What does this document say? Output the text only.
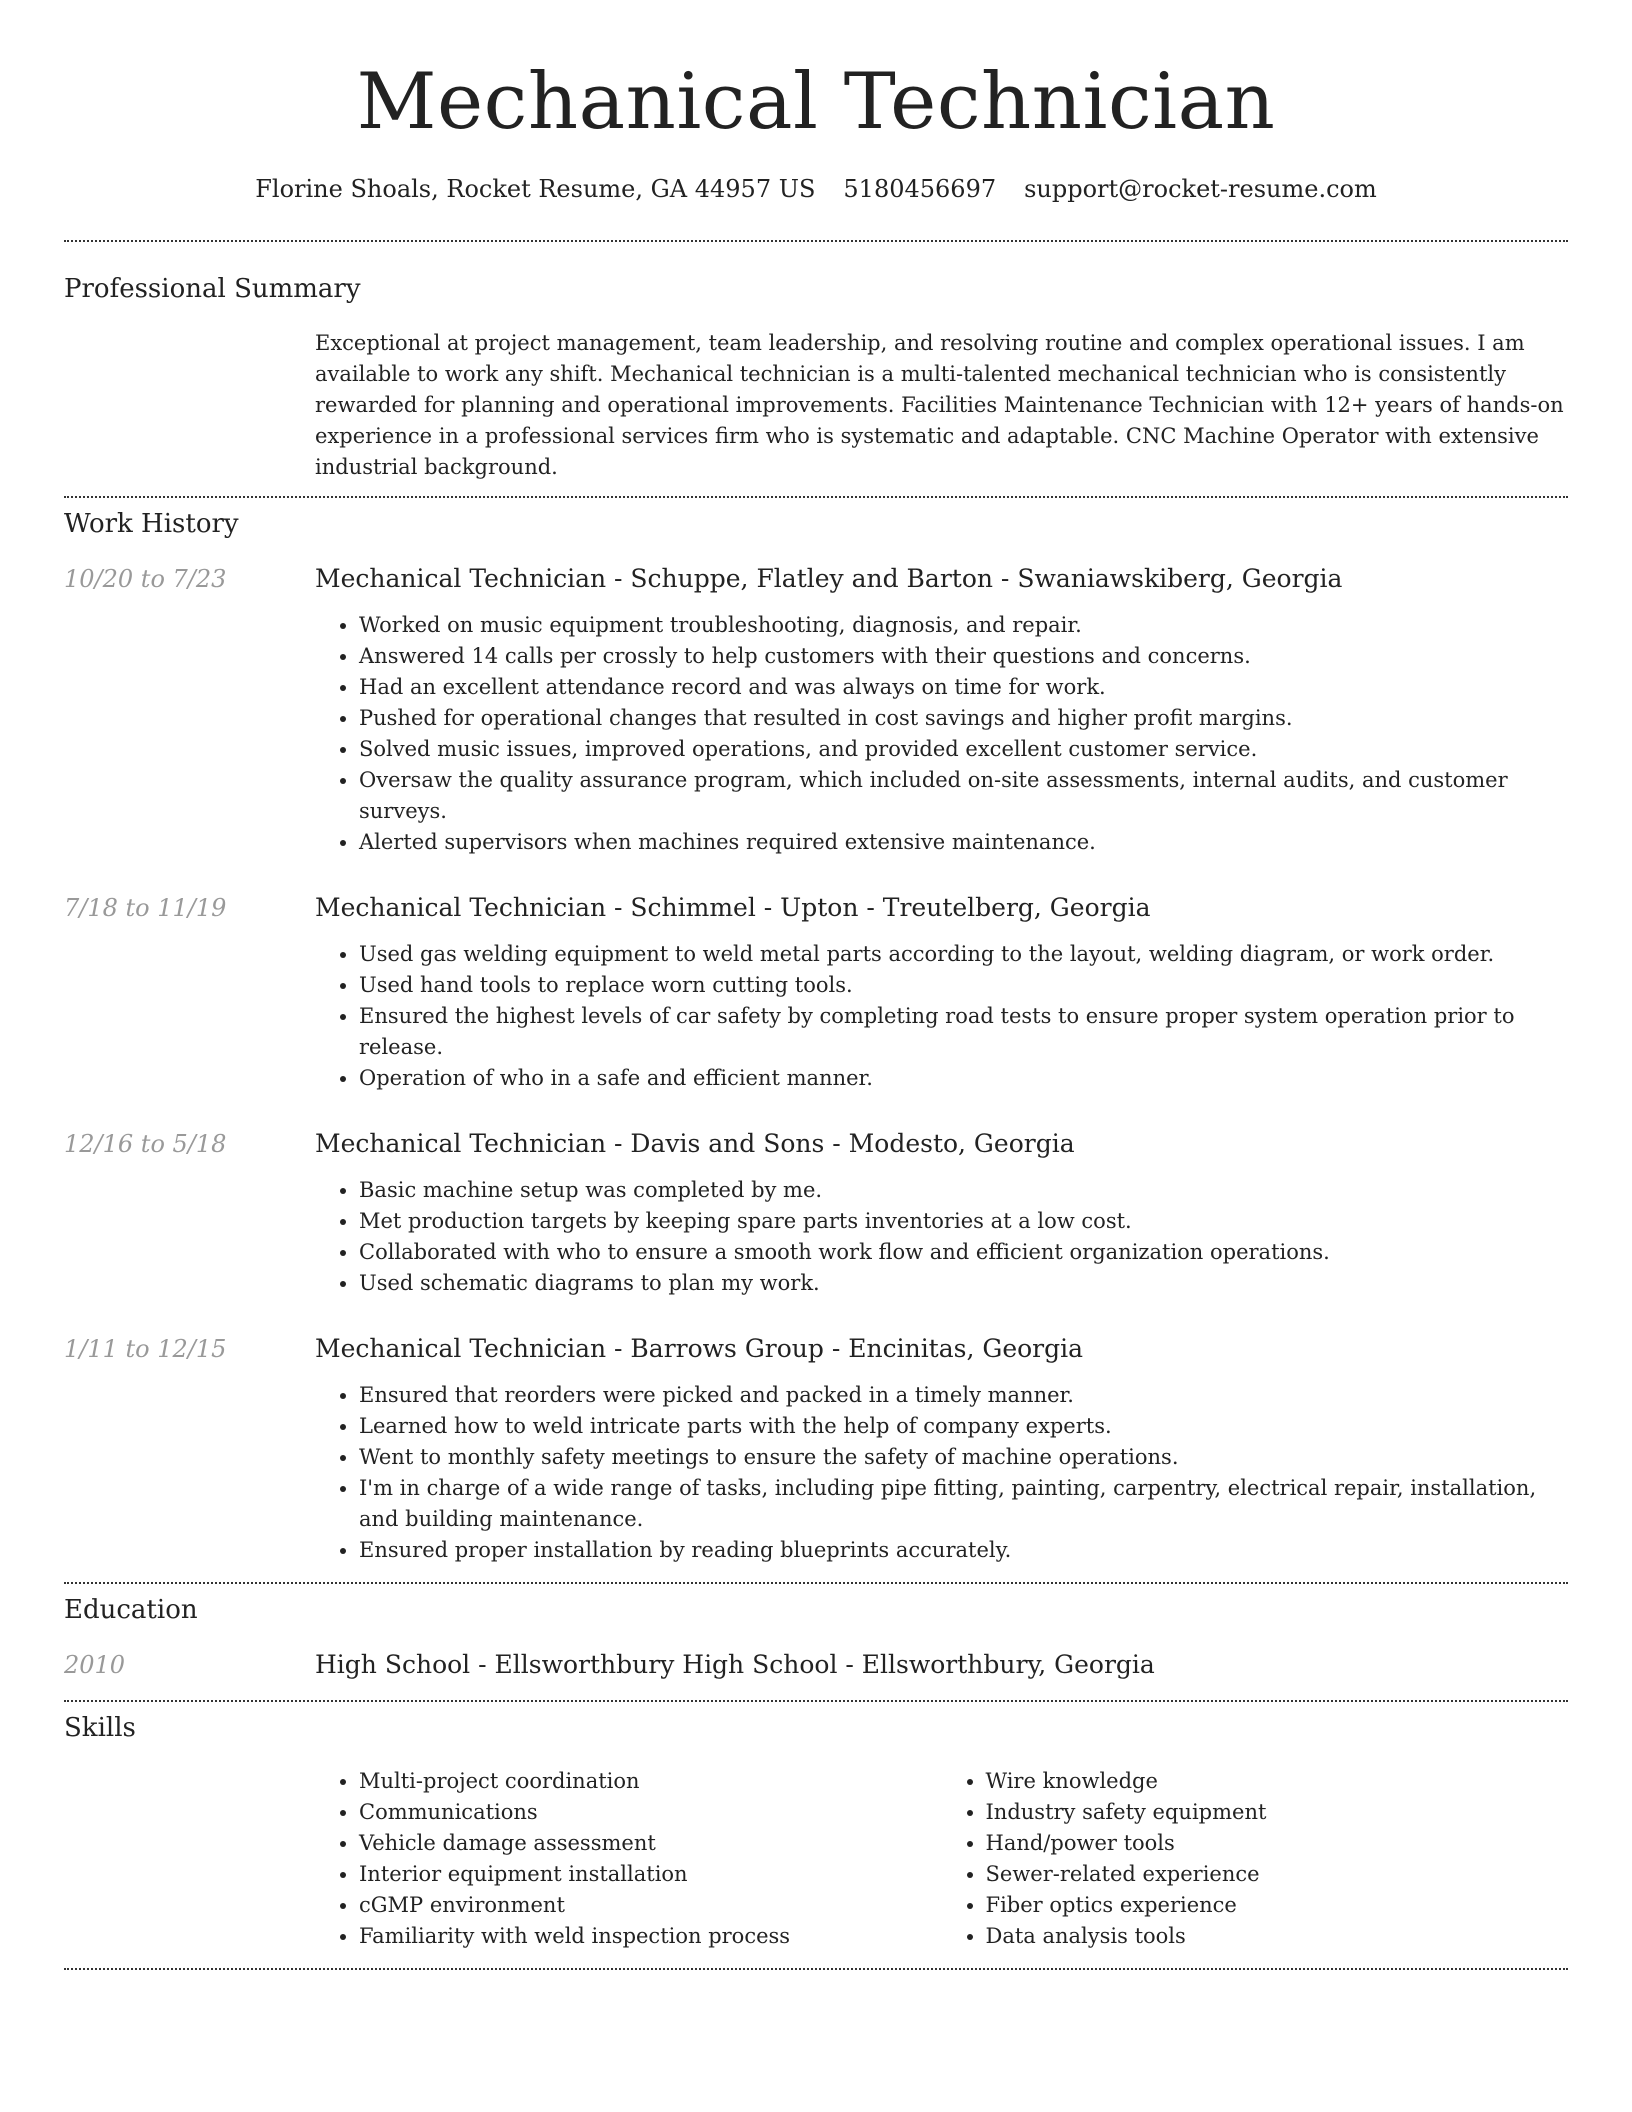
Mechanical Technician
Florine Shoals, Rocket Resume, GA 44957 US 5180456697 support@rocket-resume.com
Professional Summary

Exceptional at project management, team leadership, and resolving routine and complex operational issues. I am available to work any shift. Mechanical technician is a multi-talented mechanical technician who is consistently rewarded for planning and operational improvements. Facilities Maintenance Technician with 12+ years of hands-on experience in a professional services firm who is systematic and adaptable. CNC Machine Operator with extensive industrial background.

Work History
10/20 to 7/23	Mechanical Technician - Schuppe, Flatley and Barton - Swaniawskiberg, Georgia
• Worked on music equipment troubleshooting, diagnosis, and repair.
• Answered 14 calls per crossly to help customers with their questions and concerns.
• Had an excellent attendance record and was always on time for work.
• Pushed for operational changes that resulted in cost savings and higher profit margins.
• Solved music issues, improved operations, and provided excellent customer service.
• Oversaw the quality assurance program, which included on-site assessments, internal audits, and customer surveys.
• Alerted supervisors when machines required extensive maintenance.
7/18 to 11/19	Mechanical Technician - Schimmel - Upton - Treutelberg, Georgia
• Used gas welding equipment to weld metal parts according to the layout, welding diagram, or work order.
• Used hand tools to replace worn cutting tools.
• Ensured the highest levels of car safety by completing road tests to ensure proper system operation prior to release.
• Operation of who in a safe and efficient manner.
12/16 to 5/18	Mechanical Technician - Davis and Sons - Modesto, Georgia
• Basic machine setup was completed by me.
• Met production targets by keeping spare parts inventories at a low cost.
• Collaborated with who to ensure a smooth work flow and efficient organization operations.
• Used schematic diagrams to plan my work.
1/11 to 12/15	Mechanical Technician - Barrows Group - Encinitas, Georgia
• Ensured that reorders were picked and packed in a timely manner.
• Learned how to weld intricate parts with the help of company experts.
• Went to monthly safety meetings to ensure the safety of machine operations.
• I'm in charge of a wide range of tasks, including pipe fitting, painting, carpentry, electrical repair, installation, and building maintenance.
• Ensured proper installation by reading blueprints accurately.
Education
2010	High School - Ellsworthbury High School - Ellsworthbury, Georgia
Skills
• Multi-project coordination
• Communications
• Vehicle damage assessment
• Interior equipment installation
• cGMP environment
• Familiarity with weld inspection process
• Wire knowledge
• Industry safety equipment
• Hand/power tools
• Sewer-related experience
• Fiber optics experience
• Data analysis tools
